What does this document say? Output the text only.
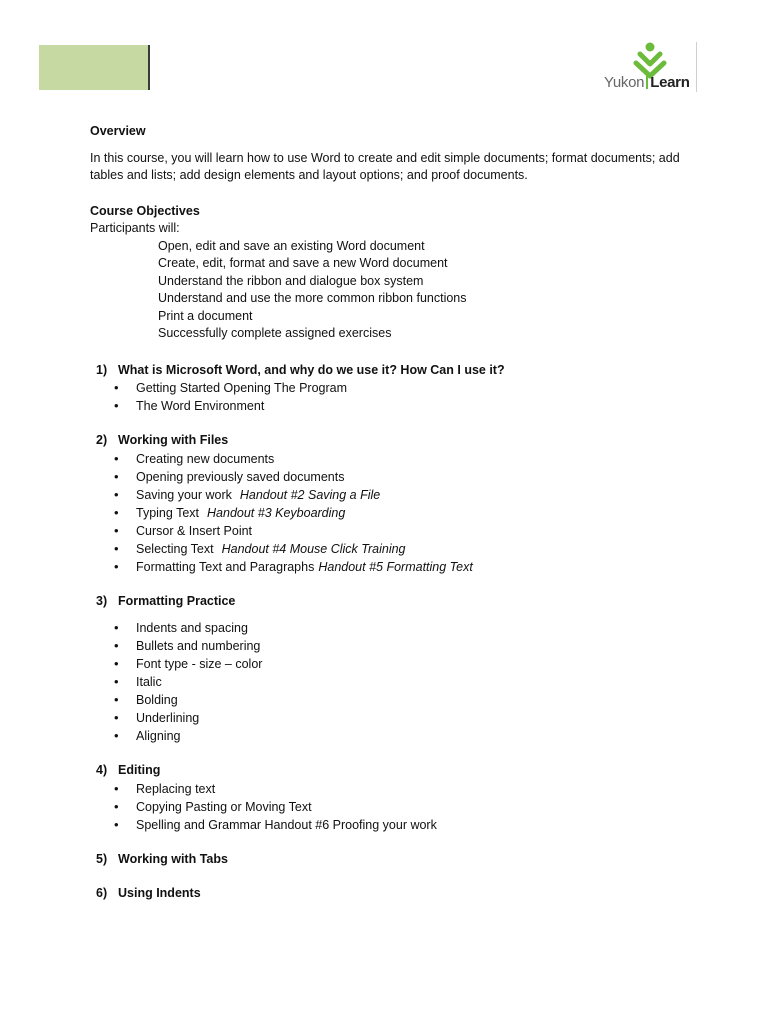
Yukon Learn

Overview

In this course, you will learn how to use Word to create and edit simple documents; format documents; add tables and lists; add design elements and layout options; and proof documents.

Course Objectives

Participants will:

Open, edit and save an existing Word document
Create, edit, format and save a new Word document
Understand the ribbon and dialogue box system
Understand and use the more common ribbon functions
Print a document
Successfully complete assigned exercises
1) What is Microsoft Word, and why do we use it? How Can I use it?
• Getting Started Opening The Program
• The Word Environment
2) Working with Files
• Creating new documents
• Opening previously saved documents
• Saving your work Handout #2 Saving a File
• Typing Text Handout #3 Keyboarding
• Cursor & Insert Point
• Selecting Text Handout #4 Mouse Click Training
• Formatting Text and Paragraphs Handout #5 Formatting Text
3) Formatting Practice
• Indents and spacing
• Bullets and numbering
• Font type - size – color
• Italic
• Bolding
• Underlining
• Aligning
4) Editing
• Replacing text
• Copying Pasting or Moving Text
• Spelling and Grammar Handout #6 Proofing your work
5) Working with Tabs
6) Using Indents
